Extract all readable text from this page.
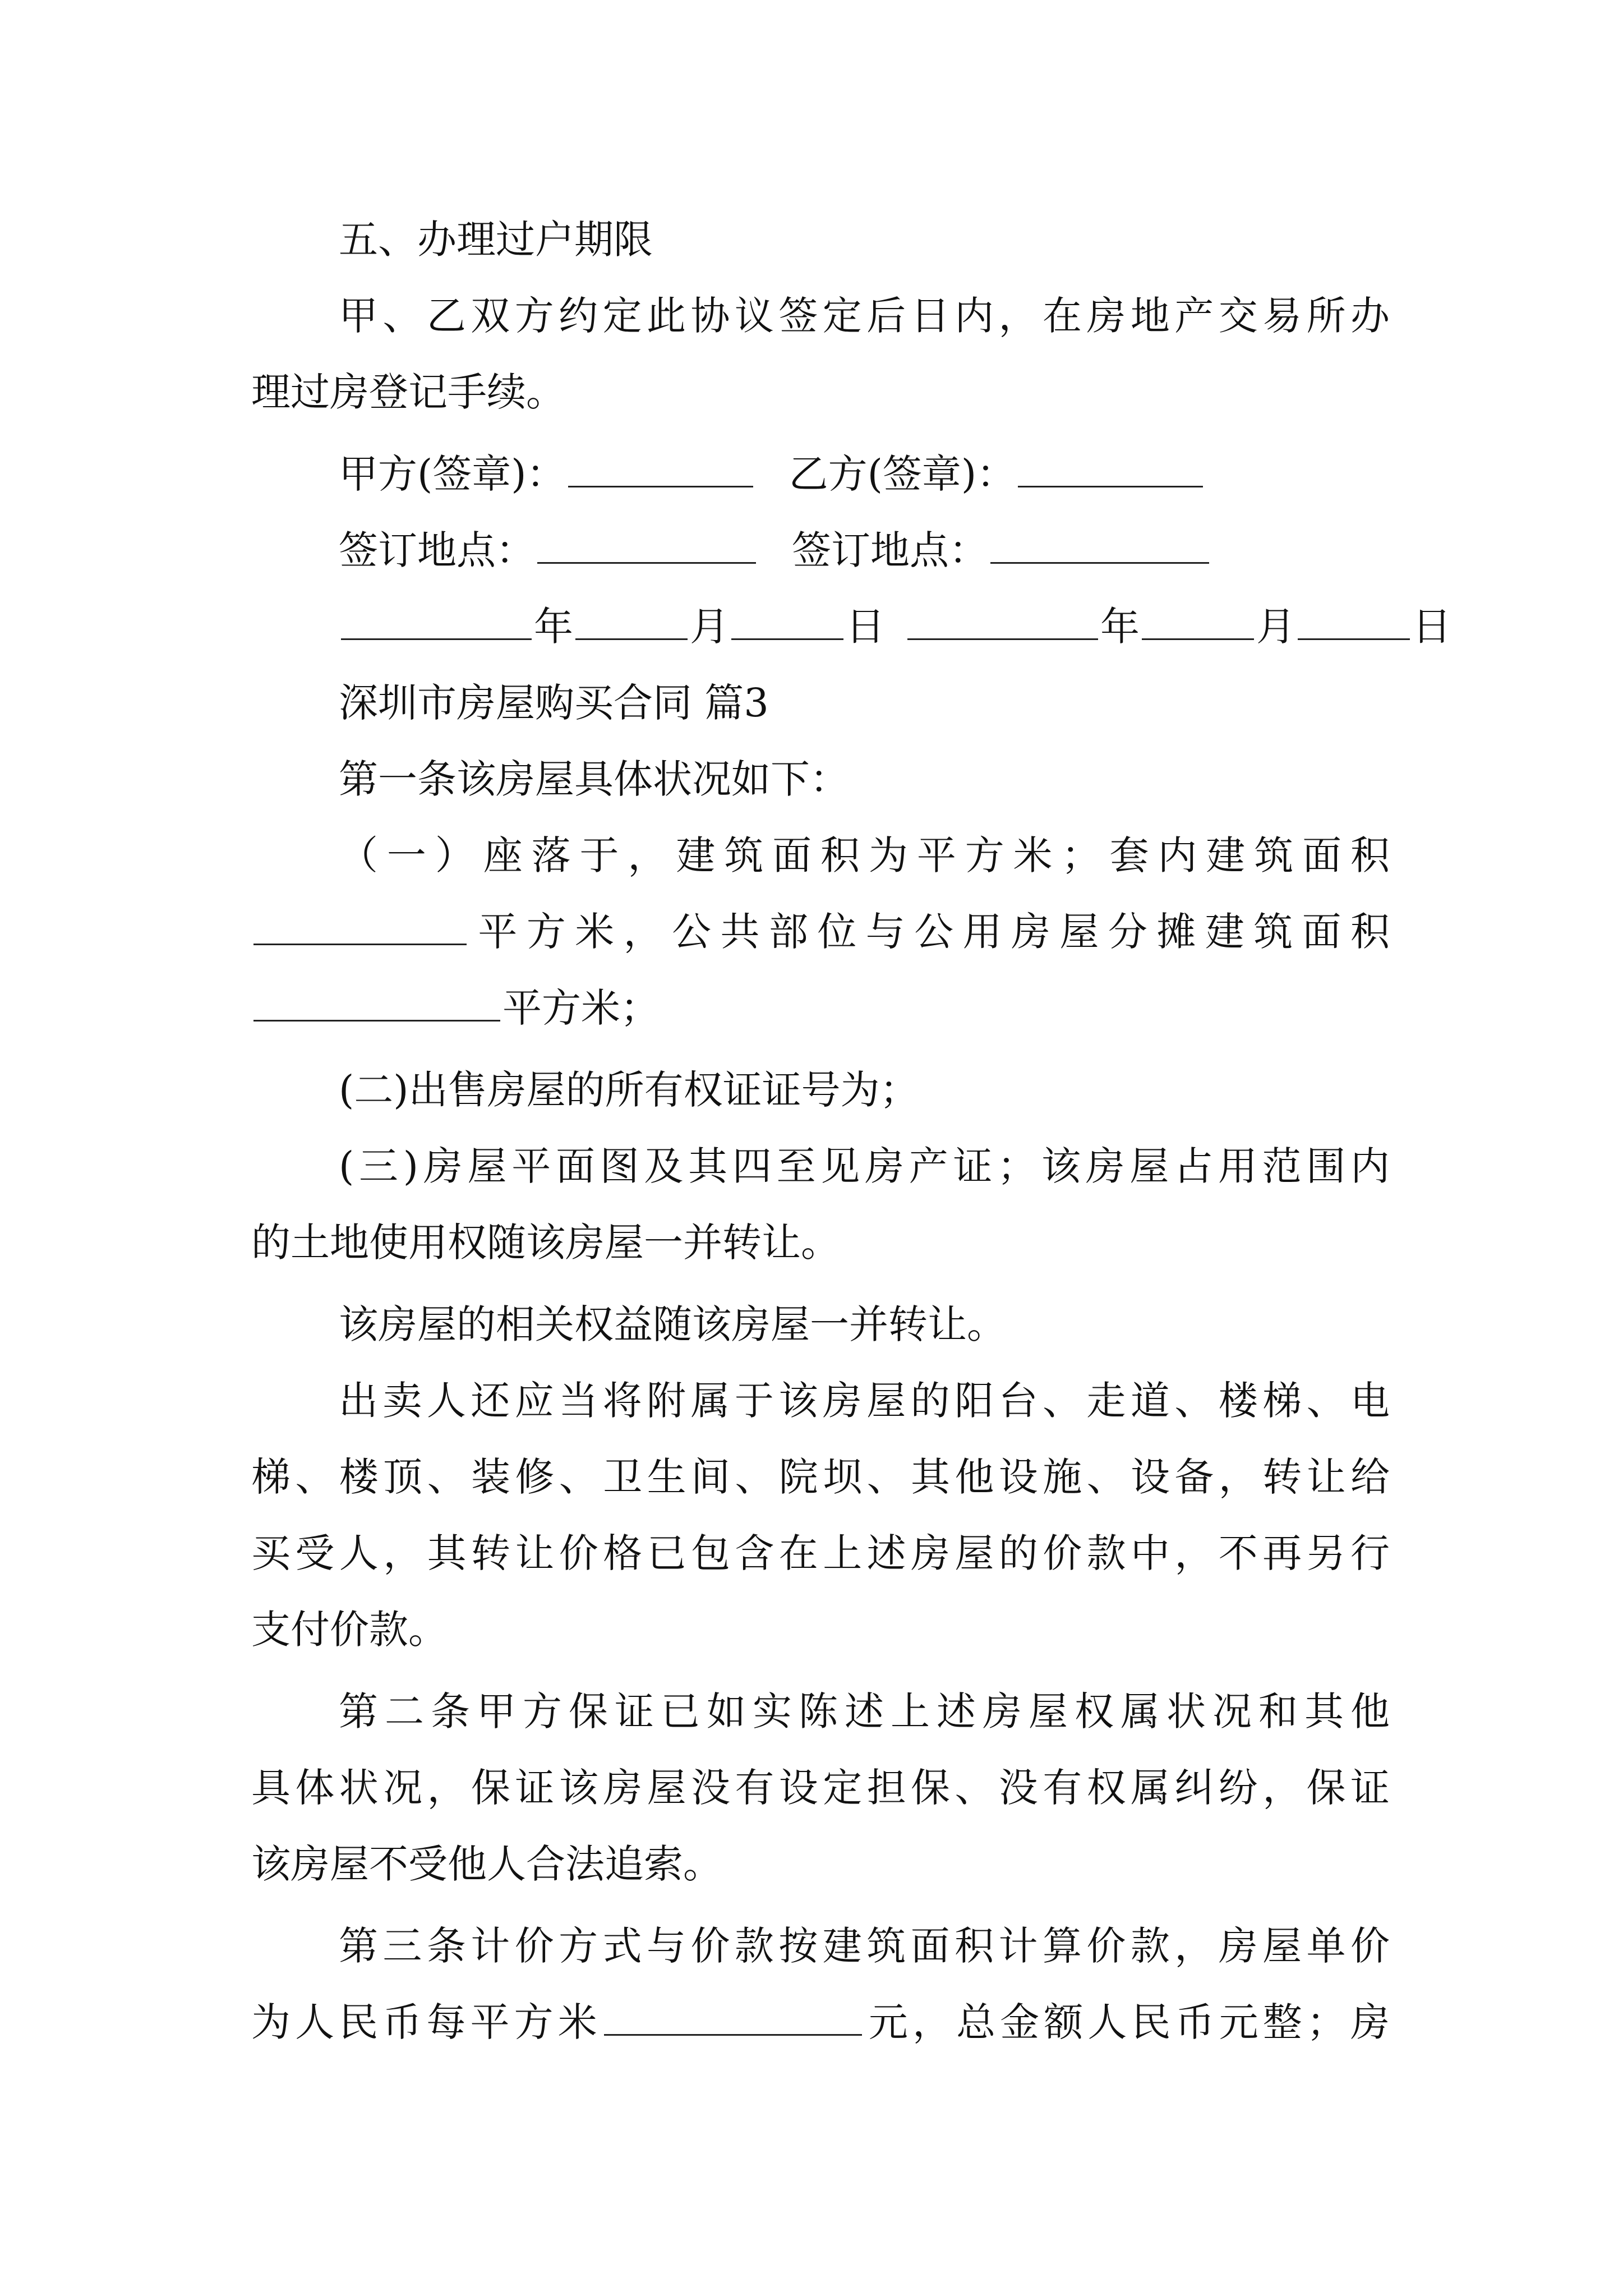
五、办理过户期限
甲、乙双方约定此协议签定后日内，在房地产交易所办
理过房登记手续。
甲方(签章)：	乙方(签章)：
签订地点：	签订地点：
年	月	日	年	月	日
深圳市房屋购买合同 篇3
第一条该房屋具体状况如下：
（一）座落于，建筑面积为平方米；套内建筑面积
平方米，公共部位与公用房屋分摊建筑面积
平方米；
(二)出售房屋的所有权证证号为；
(三)房屋平面图及其四至见房产证；该房屋占用范围内
的土地使用权随该房屋一并转让。
该房屋的相关权益随该房屋一并转让。
出卖人还应当将附属于该房屋的阳台、走道、楼梯、电
梯、楼顶、装修、卫生间、院坝、其他设施、设备，转让给
买受人，其转让价格已包含在上述房屋的价款中，不再另行
支付价款。
第二条甲方保证已如实陈述上述房屋权属状况和其他
具体状况，保证该房屋没有设定担保、没有权属纠纷，保证
该房屋不受他人合法追索。
第三条计价方式与价款按建筑面积计算价款，房屋单价
为人民币每平方米	元，总金额人民币元整；房
